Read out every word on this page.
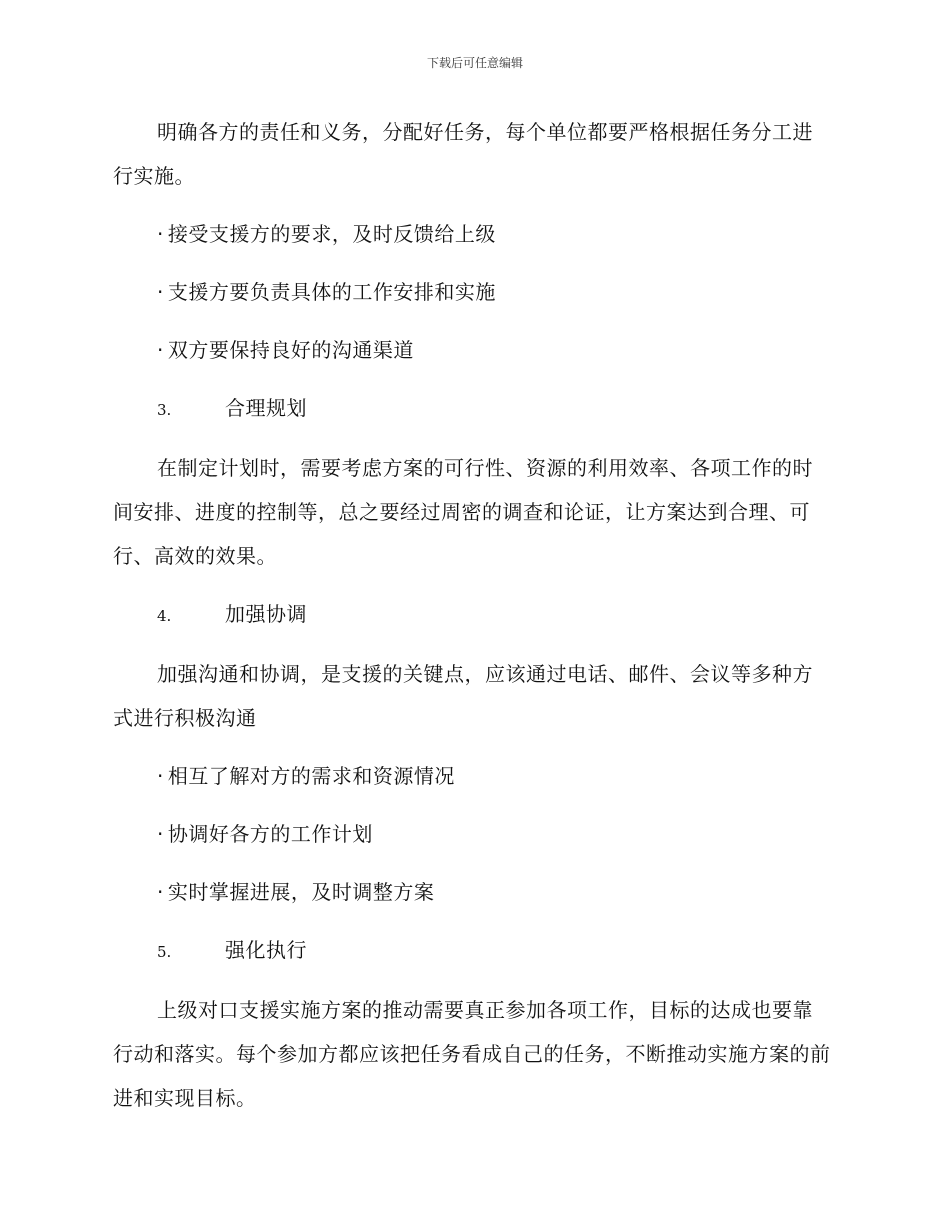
下载后可任意编辑

明确各方的责任和义务，分配好任务，每个单位都要严格根据任务分工进行实施。

· 接受支援方的要求，及时反馈给上级
· 支援方要负责具体的工作安排和实施
· 双方要保持良好的沟通渠道
3.	合理规划

在制定计划时，需要考虑方案的可行性、资源的利用效率、各项工作的时间安排、进度的控制等，总之要经过周密的调查和论证，让方案达到合理、可行、高效的效果。

4.	加强协调

加强沟通和协调，是支援的关键点，应该通过电话、邮件、会议等多种方式进行积极沟通

· 相互了解对方的需求和资源情况
· 协调好各方的工作计划
· 实时掌握进展，及时调整方案
5.	强化执行

上级对口支援实施方案的推动需要真正参加各项工作，目标的达成也要靠行动和落实。每个参加方都应该把任务看成自己的任务，不断推动实施方案的前进和实现目标。
